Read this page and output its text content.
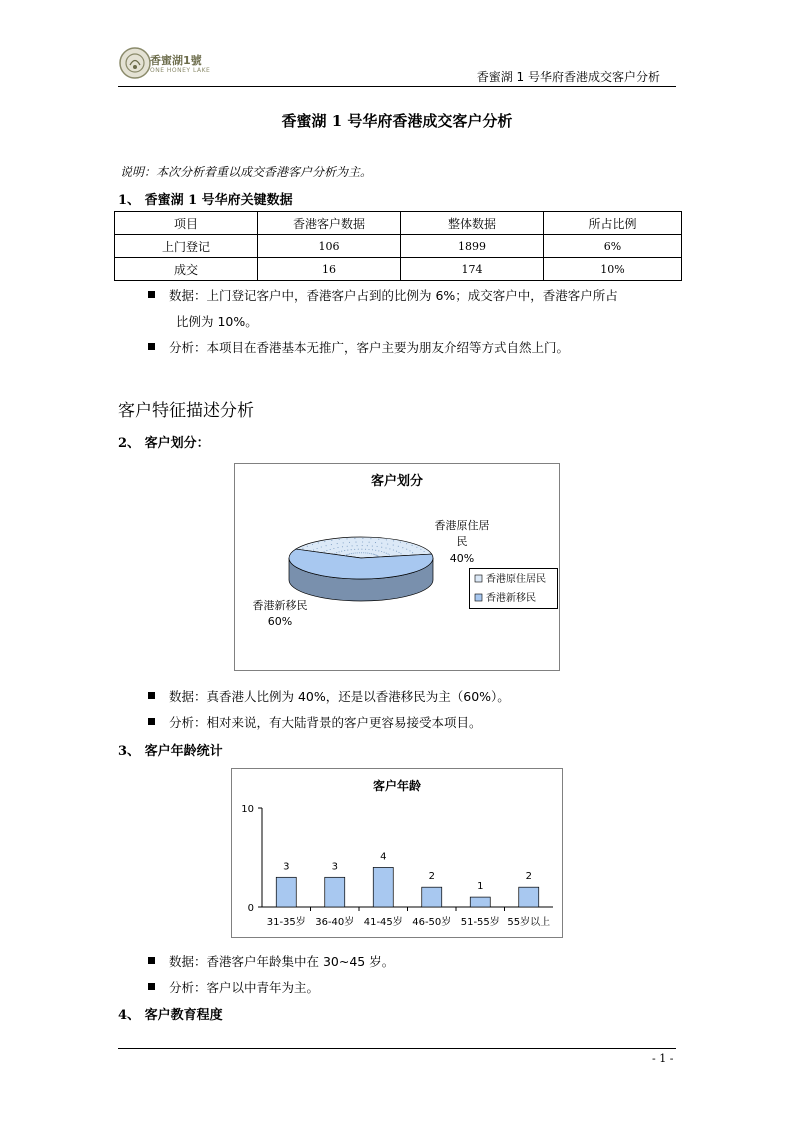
香蜜湖1號
ONE HONEY LAKE	香蜜湖 1 号华府香港成交客户分析
香蜜湖 1 号华府香港成交客户分析
说明：本次分析着重以成交香港客户分析为主。
1、 香蜜湖 1 号华府关键数据
项目	香港客户数据	整体数据	所占比例
上门登记	106	1899	6%
成交	16	174	10%
数据：上门登记客户中，香港客户占到的比例为 6%；成交客户中，香港客户所占
比例为 10%。
分析：本项目在香港基本无推广，客户主要为朋友介绍等方式自然上门。
客户特征描述分析
2、 客户划分：
客户划分
香港原住居
民
40%
香港新移民
60%
香港原住居民
香港新移民
数据：真香港人比例为 40%，还是以香港移民为主（60%）。
分析：相对来说，有大陆背景的客户更容易接受本项目。
3、 客户年龄统计
客户年龄
0
10
3
31-35岁
3
36-40岁
4
41-45岁
2
46-50岁
1
51-55岁
2
55岁以上
数据：香港客户年龄集中在 30~45 岁。
分析：客户以中青年为主。
4、 客户教育程度
- 1 -
